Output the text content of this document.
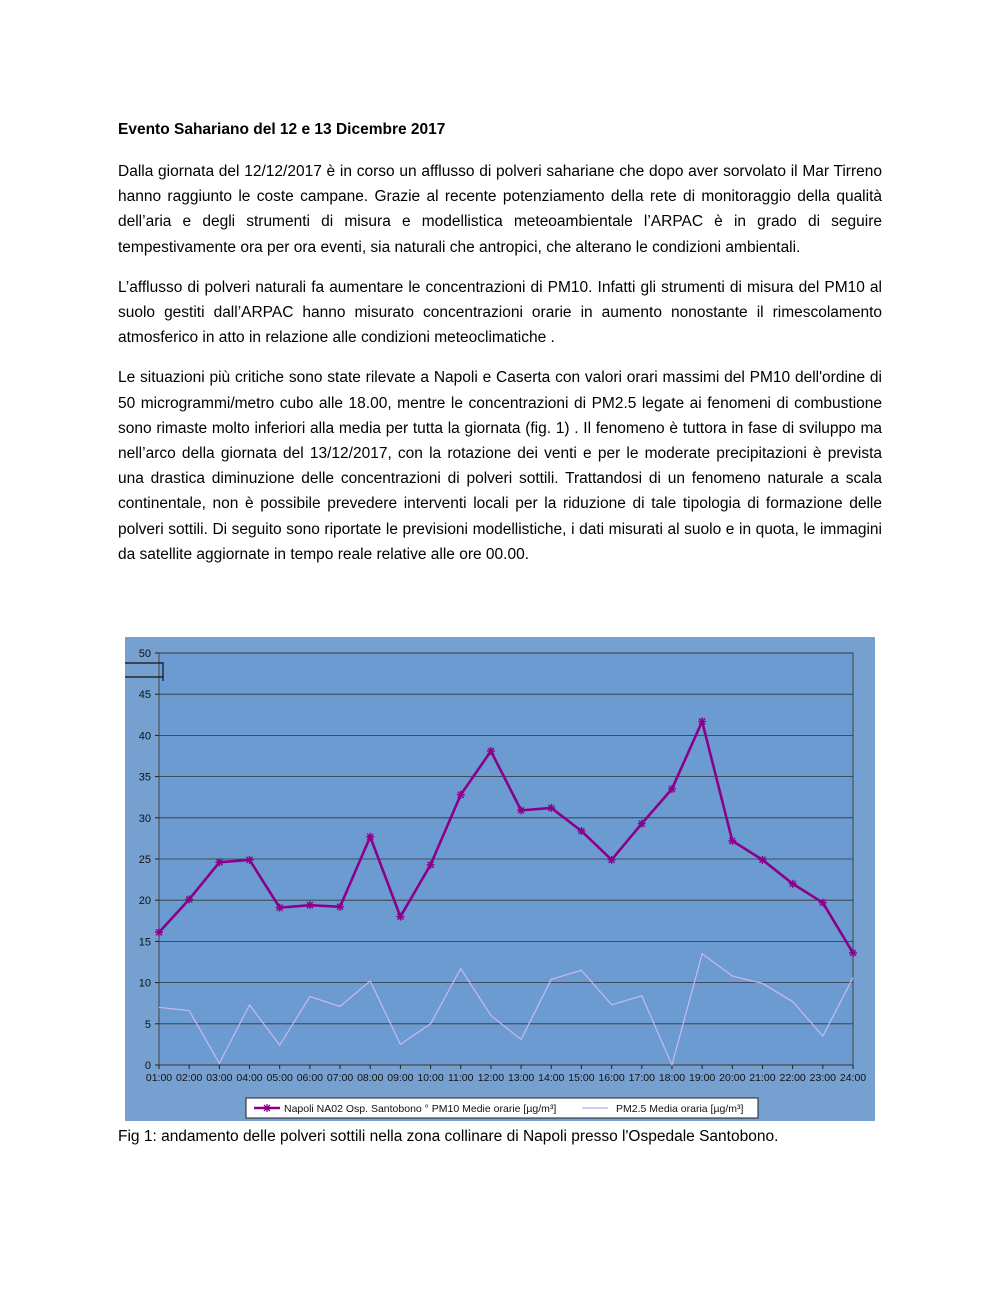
Evento Sahariano del 12 e 13 Dicembre 2017

Dalla giornata del 12/12/2017 è in corso un afflusso di polveri sahariane che dopo aver sorvolato il Mar Tirreno hanno raggiunto le coste campane. Grazie al recente potenziamento della rete di monitoraggio della qualità dell’aria e degli strumenti di misura e modellistica meteoambientale l’ARPAC è in grado di seguire tempestivamente ora per ora eventi, sia naturali che antropici, che alterano le condizioni ambientali.

L’afflusso di polveri naturali fa aumentare le concentrazioni di PM10. Infatti gli strumenti di misura del PM10 al suolo gestiti dall’ARPAC hanno misurato concentrazioni orarie in aumento nonostante il rimescolamento atmosferico in atto in relazione alle condizioni meteoclimatiche .

Le situazioni più critiche sono state rilevate a Napoli e Caserta con valori orari massimi del PM10 dell'ordine di 50 microgrammi/metro cubo alle 18.00, mentre le concentrazioni di PM2.5 legate ai fenomeni di combustione sono rimaste molto inferiori alla media per tutta la giornata (fig. 1) . Il fenomeno è tuttora in fase di sviluppo ma nell’arco della giornata del 13/12/2017, con la rotazione dei venti e per le moderate precipitazioni è prevista una drastica diminuzione delle concentrazioni di polveri sottili. Trattandosi di un fenomeno naturale a scala continentale, non è possibile prevedere interventi locali per la riduzione di tale tipologia di formazione delle polveri sottili. Di seguito sono riportate le previsioni modellistiche, i dati misurati al suolo e in quota, le immagini da satellite aggiornate in tempo reale relative alle ore 00.00.

0
5
10
15
20
25
30
35
40
45
50
01:00 02:00 03:00 04:00 05:00 06:00 07:00 08:00 09:00 10:00 11:00 12:00 13:00 14:00 15:00 16:00 17:00 18:00 19:00 20:00 21:00 22:00 23:00 24:00
Napoli NA02 Osp. Santobono ° PM10 Medie orarie [µg/m³]	PM2.5 Media oraria [µg/m³]
Fig 1: andamento delle polveri sottili nella zona collinare di Napoli presso l'Ospedale Santobono.
